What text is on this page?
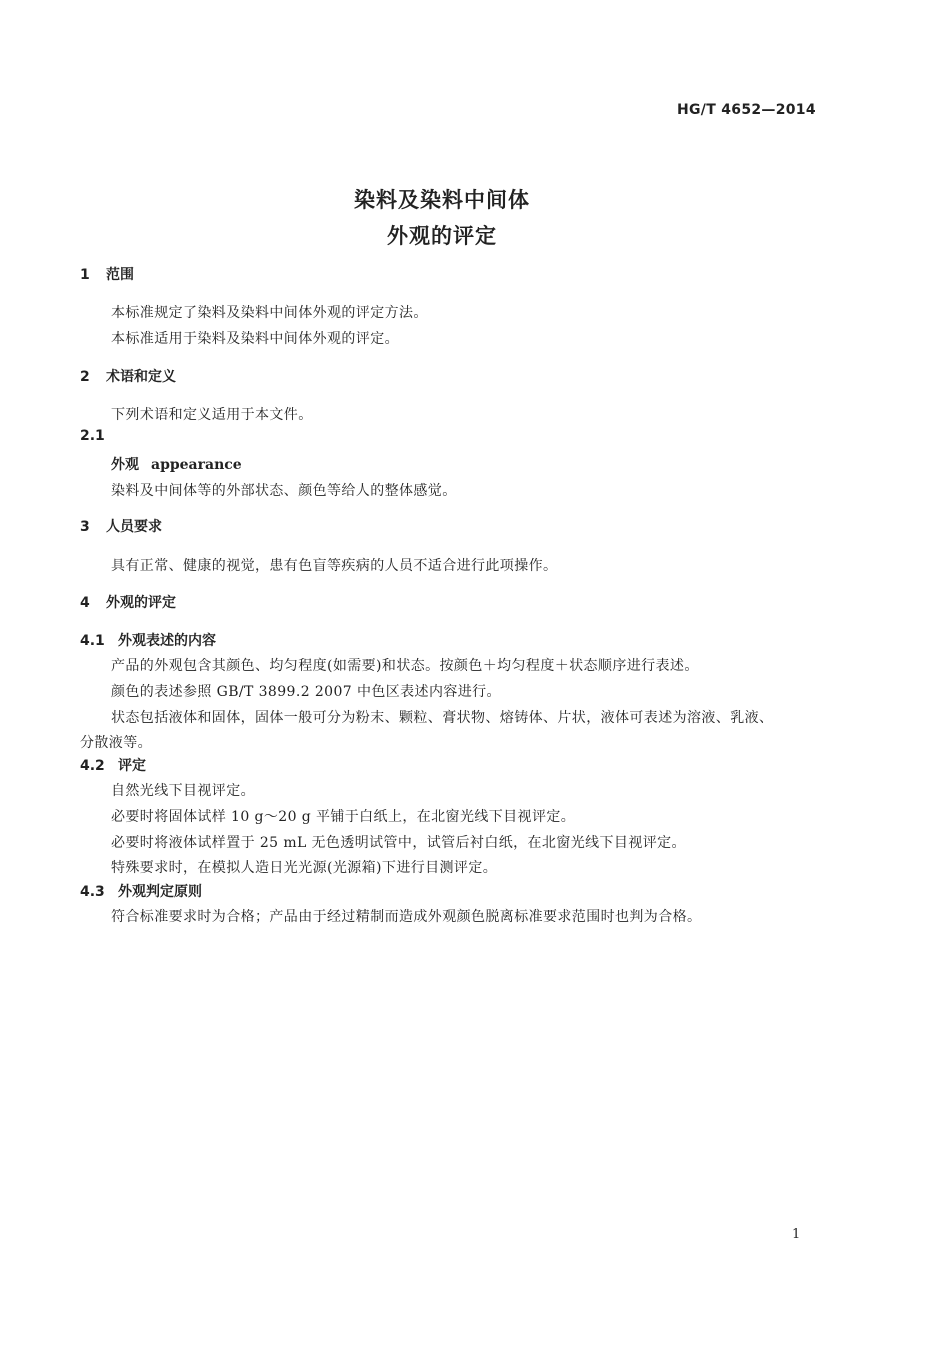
HG/T 4652—2014
染料及染料中间体
外观的评定
1 范围
本标准规定了染料及染料中间体外观的评定方法。
本标准适用于染料及染料中间体外观的评定。
2 术语和定义
下列术语和定义适用于本文件。
2.1
外观 appearance
染料及中间体等的外部状态、颜色等给人的整体感觉。
3 人员要求
具有正常、健康的视觉，患有色盲等疾病的人员不适合进行此项操作。
4 外观的评定
4.1 外观表述的内容
产品的外观包含其颜色、均匀程度(如需要)和状态。按颜色＋均匀程度＋状态顺序进行表述。
颜色的表述参照 GB/T 3899.2 2007 中色区表述内容进行。
状态包括液体和固体，固体一般可分为粉末、颗粒、膏状物、熔铸体、片状，液体可表述为溶液、乳液、
分散液等。
4.2 评定
自然光线下目视评定。
必要时将固体试样 10 g～20 g 平铺于白纸上，在北窗光线下目视评定。
必要时将液体试样置于 25 mL 无色透明试管中，试管后衬白纸，在北窗光线下目视评定。
特殊要求时，在模拟人造日光光源(光源箱)下进行目测评定。
4.3 外观判定原则
符合标准要求时为合格；产品由于经过精制而造成外观颜色脱离标准要求范围时也判为合格。
1
